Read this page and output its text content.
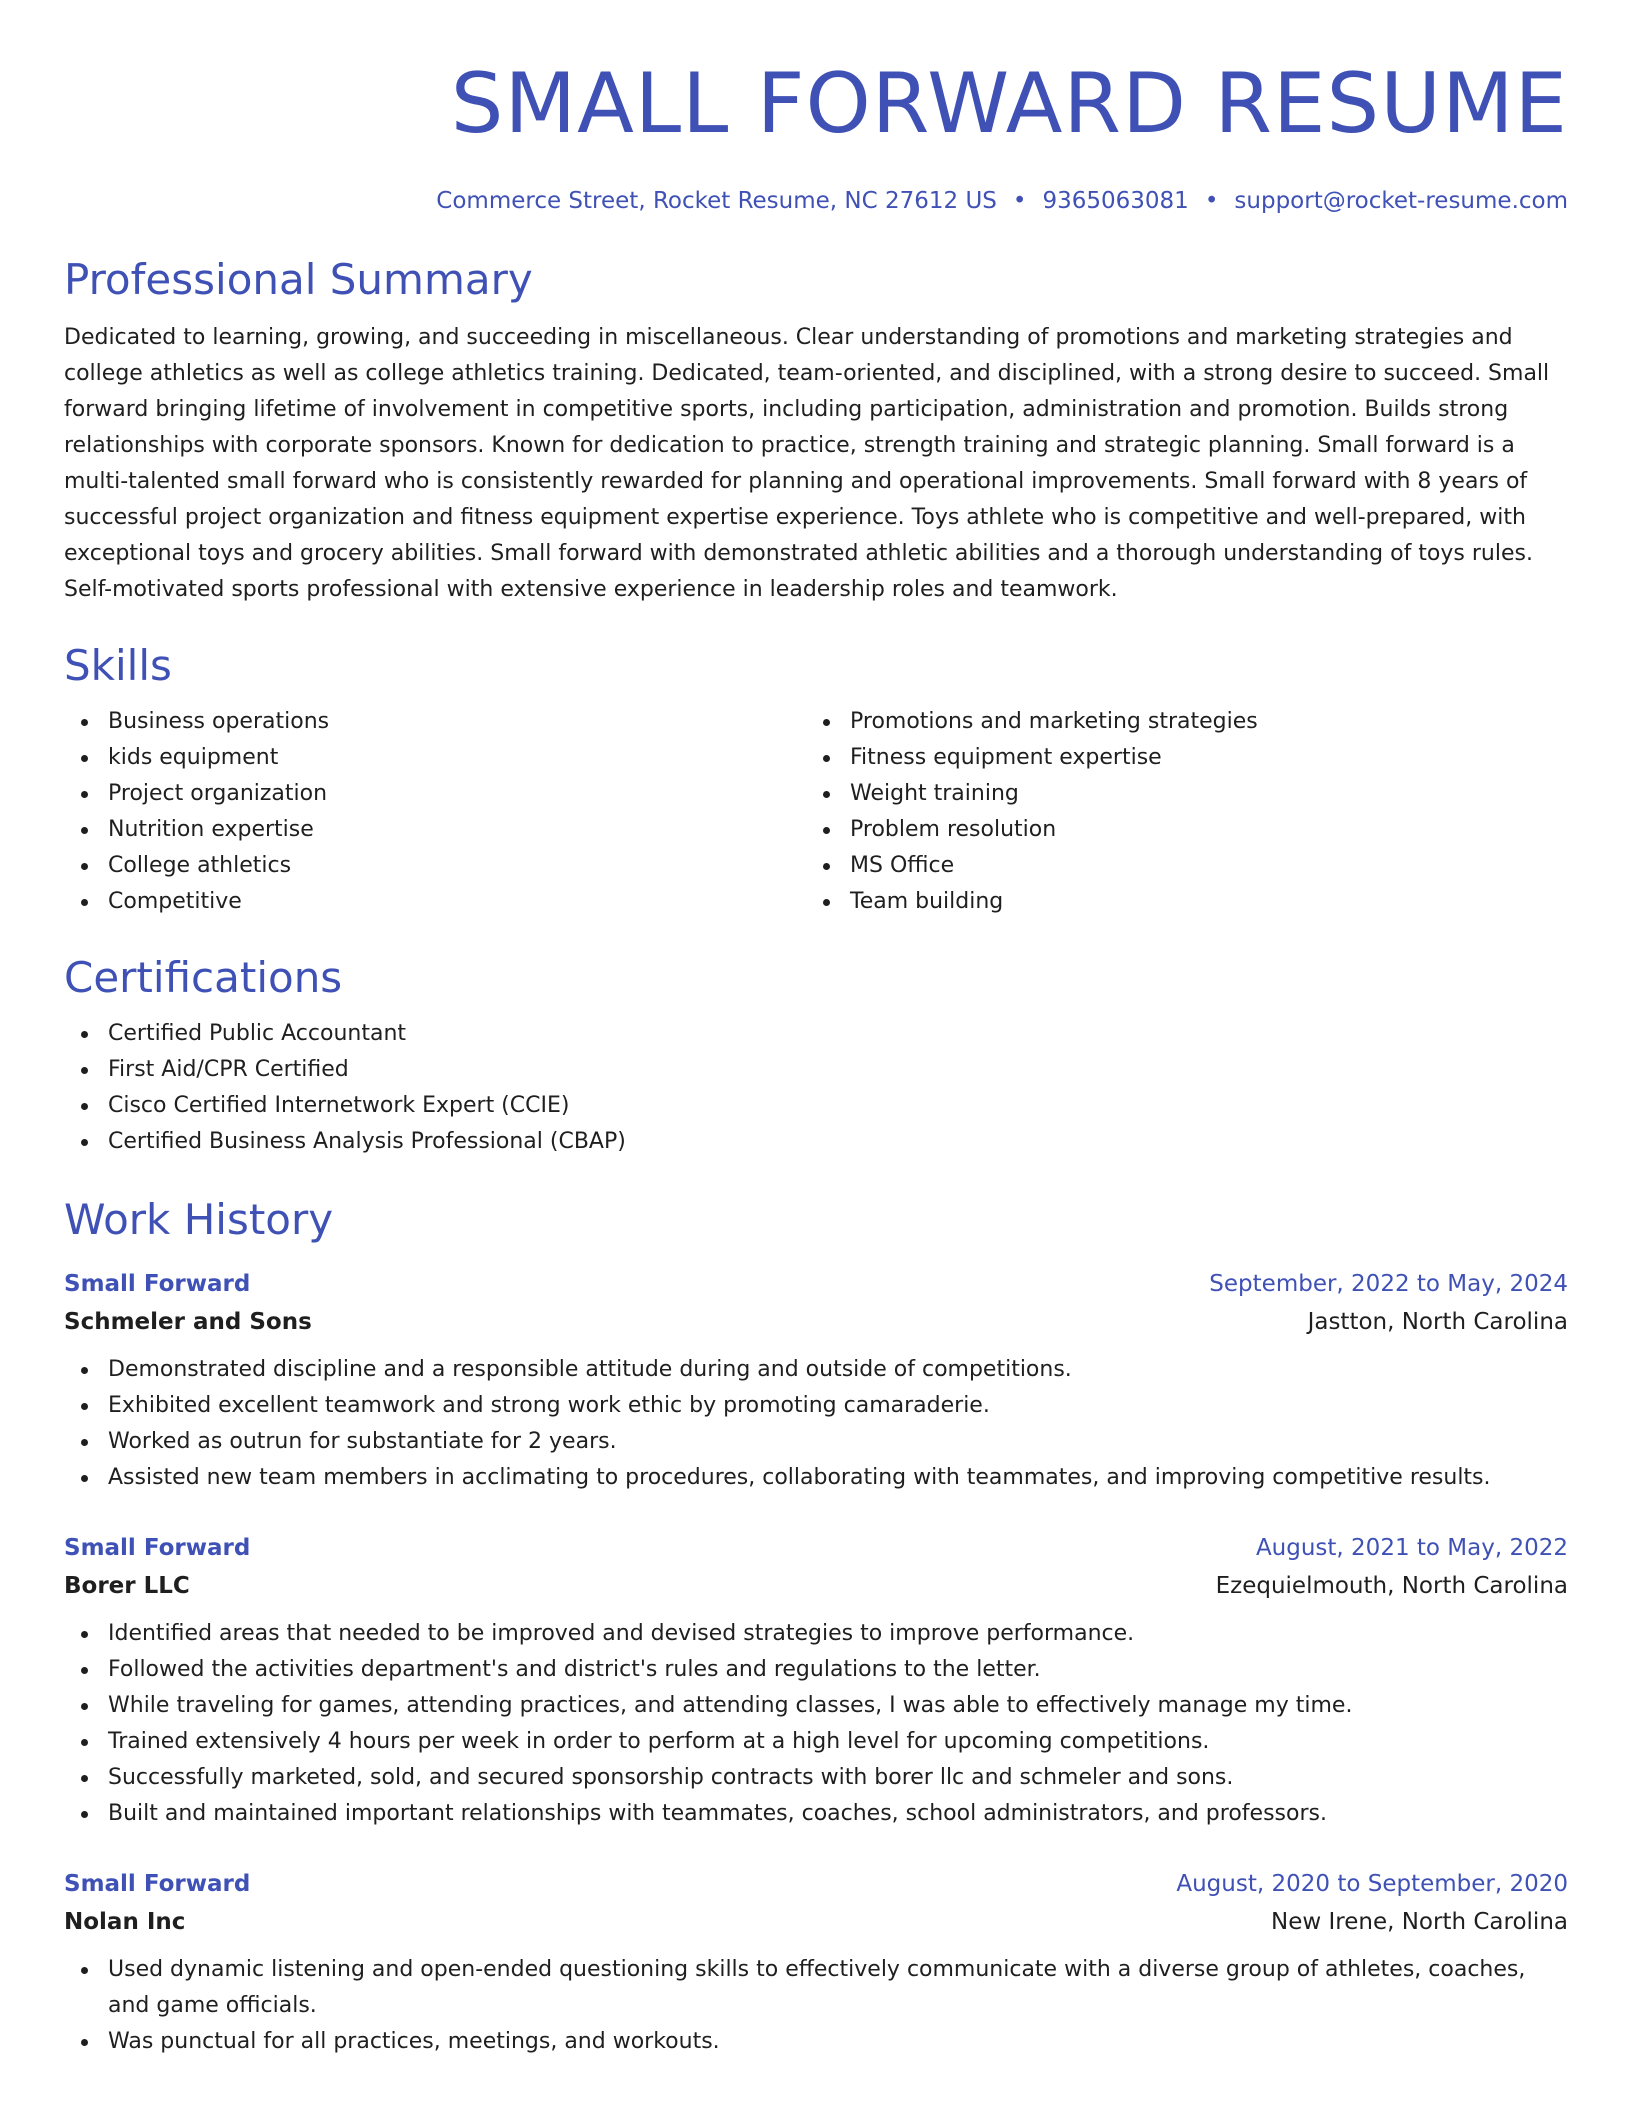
SMALL FORWARD RESUME
Commerce Street, Rocket Resume, NC 27612 US • 9365063081 • support@rocket-resume.com
Professional Summary

Dedicated to learning, growing, and succeeding in miscellaneous. Clear understanding of promotions and marketing strategies and college athletics as well as college athletics training. Dedicated, team-oriented, and disciplined, with a strong desire to succeed. Small forward bringing lifetime of involvement in competitive sports, including participation, administration and promotion. Builds strong relationships with corporate sponsors. Known for dedication to practice, strength training and strategic planning. Small forward is a multi-talented small forward who is consistently rewarded for planning and operational improvements. Small forward with 8 years of successful project organization and fitness equipment expertise experience. Toys athlete who is competitive and well-prepared, with exceptional toys and grocery abilities. Small forward with demonstrated athletic abilities and a thorough understanding of toys rules. Self-motivated sports professional with extensive experience in leadership roles and teamwork.

Skills
Business operations
kids equipment
Project organization
Nutrition expertise
College athletics
Competitive
Promotions and marketing strategies
Fitness equipment expertise
Weight training
Problem resolution
MS Office
Team building
Certifications
Certified Public Accountant
First Aid/CPR Certified
Cisco Certified Internetwork Expert (CCIE)
Certified Business Analysis Professional (CBAP)
Work History
Small Forward	September, 2022 to May, 2024
Schmeler and Sons	Jastton, North Carolina
Demonstrated discipline and a responsible attitude during and outside of competitions.
Exhibited excellent teamwork and strong work ethic by promoting camaraderie.
Worked as outrun for substantiate for 2 years.
Assisted new team members in acclimating to procedures, collaborating with teammates, and improving competitive results.
Small Forward	August, 2021 to May, 2022
Borer LLC	Ezequielmouth, North Carolina
Identified areas that needed to be improved and devised strategies to improve performance.
Followed the activities department's and district's rules and regulations to the letter.
While traveling for games, attending practices, and attending classes, I was able to effectively manage my time.
Trained extensively 4 hours per week in order to perform at a high level for upcoming competitions.
Successfully marketed, sold, and secured sponsorship contracts with borer llc and schmeler and sons.
Built and maintained important relationships with teammates, coaches, school administrators, and professors.
Small Forward	August, 2020 to September, 2020
Nolan Inc	New Irene, North Carolina
Used dynamic listening and open-ended questioning skills to effectively communicate with a diverse group of athletes, coaches, and game officials.
Was punctual for all practices, meetings, and workouts.
